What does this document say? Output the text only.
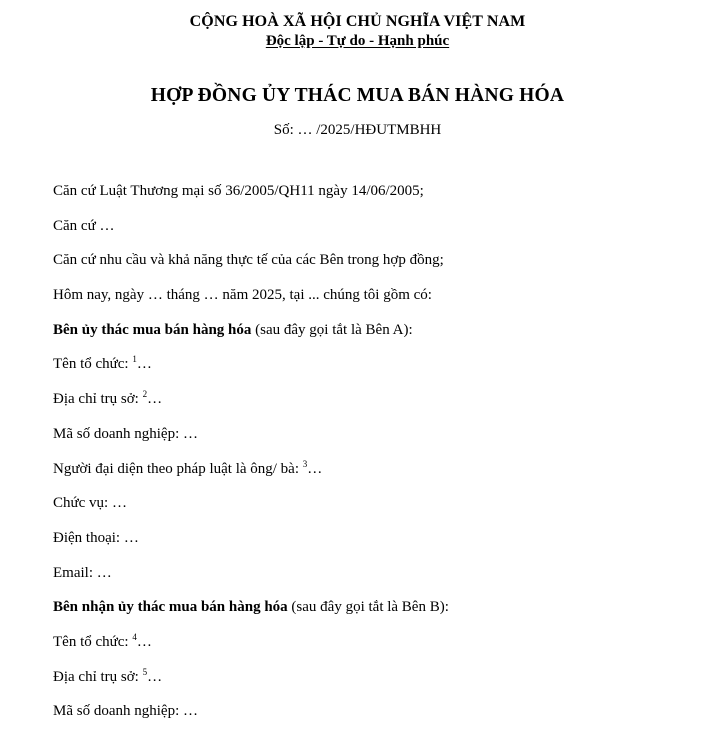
CỘNG HOÀ XÃ HỘI CHỦ NGHĨA VIỆT NAM
Độc lập - Tự do - Hạnh phúc
HỢP ĐỒNG ỦY THÁC MUA BÁN HÀNG HÓA
Số: … /2025/HĐUTMBHH
Căn cứ Luật Thương mại số 36/2005/QH11 ngày 14/06/2005;
Căn cứ …
Căn cứ nhu cầu và khả năng thực tế của các Bên trong hợp đồng;
Hôm nay, ngày … tháng … năm 2025, tại ... chúng tôi gồm có:
Bên ủy thác mua bán hàng hóa (sau đây gọi tắt là Bên A):
Tên tổ chức: $^1$…
Địa chỉ trụ sở: $^2$…
Mã số doanh nghiệp: …
Người đại diện theo pháp luật là ông/ bà: $^3$…
Chức vụ: …
Điện thoại: …
Email: …
Bên nhận ủy thác mua bán hàng hóa (sau đây gọi tắt là Bên B):
Tên tổ chức: $^4$…
Địa chỉ trụ sở: $^5$…
Mã số doanh nghiệp: …
